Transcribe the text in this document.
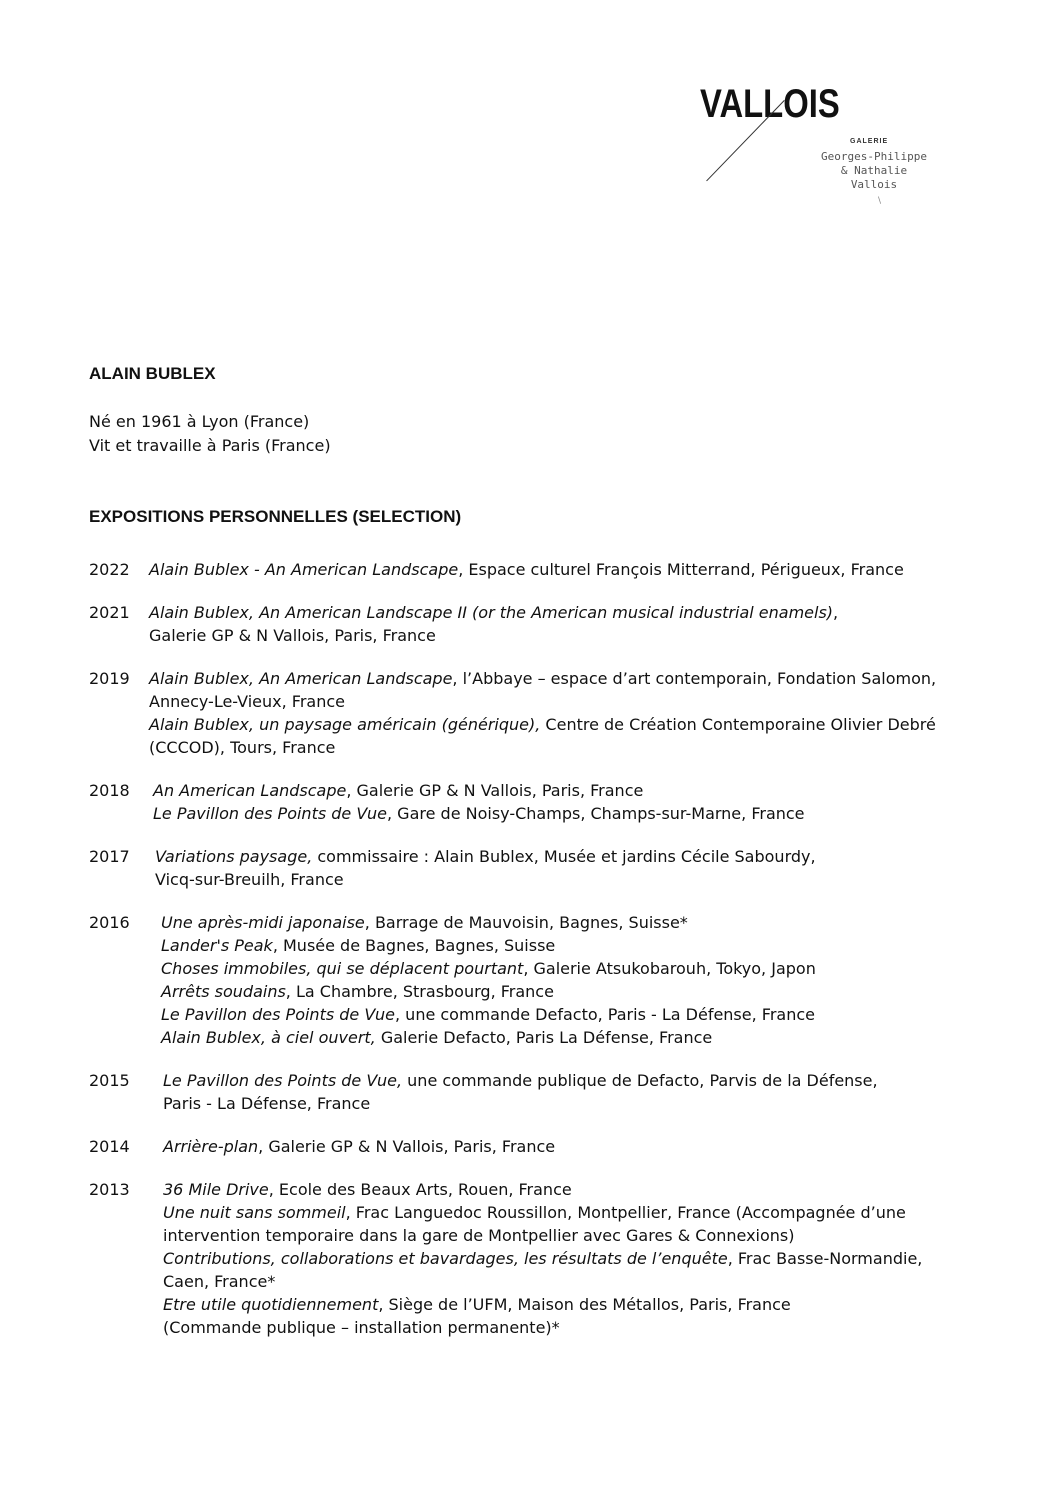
VALLOIS
GALERIE
Georges-Philippe
& Nathalie
Vallois
\
ALAIN BUBLEX
Né en 1961 à Lyon (France)
Vit et travaille à Paris (France)
EXPOSITIONS PERSONNELLES (SELECTION)
2022	Alain Bublex - An American Landscape, Espace culturel François Mitterrand, Périgueux, France
2021	Alain Bublex, An American Landscape II (or the American musical industrial enamels),
Galerie GP & N Vallois, Paris, France
2019	Alain Bublex, An American Landscape, l’Abbaye – espace d’art contemporain, Fondation Salomon,
Annecy-Le-Vieux, France
Alain Bublex, un paysage américain (générique), Centre de Création Contemporaine Olivier Debré
(CCCOD), Tours, France
2018	An American Landscape, Galerie GP & N Vallois, Paris, France
Le Pavillon des Points de Vue, Gare de Noisy-Champs, Champs-sur-Marne, France
2017	Variations paysage, commissaire : Alain Bublex, Musée et jardins Cécile Sabourdy,
Vicq-sur-Breuilh, France
2016	Une après-midi japonaise, Barrage de Mauvoisin, Bagnes, Suisse*
Lander's Peak, Musée de Bagnes, Bagnes, Suisse
Choses immobiles, qui se déplacent pourtant, Galerie Atsukobarouh, Tokyo, Japon
Arrêts soudains, La Chambre, Strasbourg, France
Le Pavillon des Points de Vue, une commande Defacto, Paris - La Défense, France
Alain Bublex, à ciel ouvert, Galerie Defacto, Paris La Défense, France
2015	Le Pavillon des Points de Vue, une commande publique de Defacto, Parvis de la Défense,
Paris - La Défense, France
2014	Arrière-plan, Galerie GP & N Vallois, Paris, France
2013	36 Mile Drive, Ecole des Beaux Arts, Rouen, France
Une nuit sans sommeil, Frac Languedoc Roussillon, Montpellier, France (Accompagnée d’une
intervention temporaire dans la gare de Montpellier avec Gares & Connexions)
Contributions, collaborations et bavardages, les résultats de l’enquête, Frac Basse-Normandie,
Caen, France*
Etre utile quotidiennement, Siège de l’UFM, Maison des Métallos, Paris, France
(Commande publique – installation permanente)*
